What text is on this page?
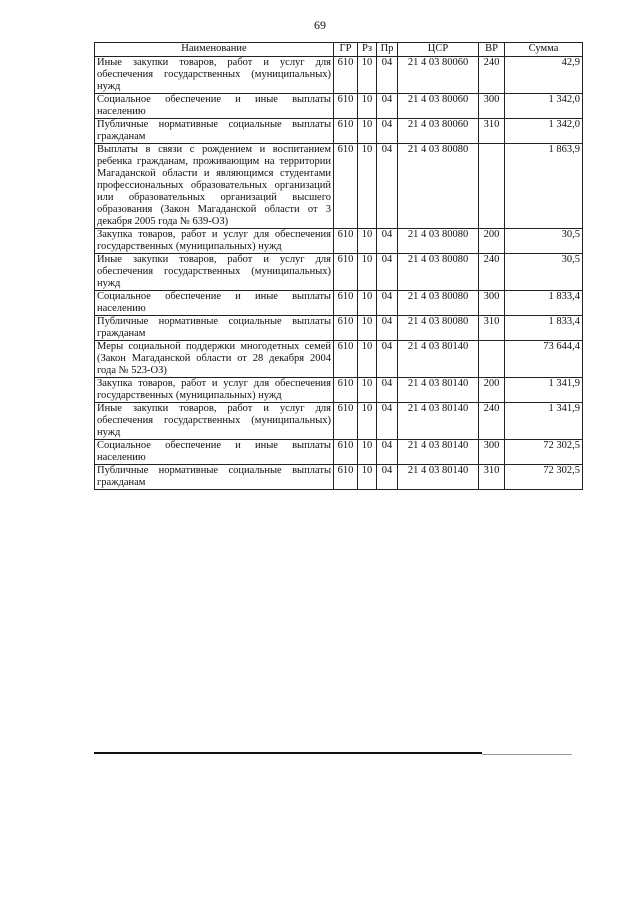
69
Наименование	ГР	Рз	Пр	ЦСР	ВР	Сумма
Иные закупки товаров, работ и услуг для обеспечения государственных (муниципальных) нужд	610	10	04	21 4 03 80060	240	42,9
Социальное обеспечение и иные выплаты населению	610	10	04	21 4 03 80060	300	1 342,0
Публичные нормативные социальные выплаты гражданам	610	10	04	21 4 03 80060	310	1 342,0
Выплаты в связи с рождением и воспитанием ребенка гражданам, проживающим на территории Магаданской области и являющимся студентами профессиональных образовательных организаций или образовательных организаций высшего образования (Закон Магаданской области от 3 декабря 2005 года № 639-ОЗ)	610	10	04	21 4 03 80080		1 863,9
Закупка товаров, работ и услуг для обеспечения государственных (муниципальных) нужд	610	10	04	21 4 03 80080	200	30,5
Иные закупки товаров, работ и услуг для обеспечения государственных (муниципальных) нужд	610	10	04	21 4 03 80080	240	30,5
Социальное обеспечение и иные выплаты населению	610	10	04	21 4 03 80080	300	1 833,4
Публичные нормативные социальные выплаты гражданам	610	10	04	21 4 03 80080	310	1 833,4
Меры социальной поддержки многодетных семей (Закон Магаданской области от 28 декабря 2004 года № 523-ОЗ)	610	10	04	21 4 03 80140		73 644,4
Закупка товаров, работ и услуг для обеспечения государственных (муниципальных) нужд	610	10	04	21 4 03 80140	200	1 341,9
Иные закупки товаров, работ и услуг для обеспечения государственных (муниципальных) нужд	610	10	04	21 4 03 80140	240	1 341,9
Социальное обеспечение и иные выплаты населению	610	10	04	21 4 03 80140	300	72 302,5
Публичные нормативные социальные выплаты гражданам	610	10	04	21 4 03 80140	310	72 302,5
